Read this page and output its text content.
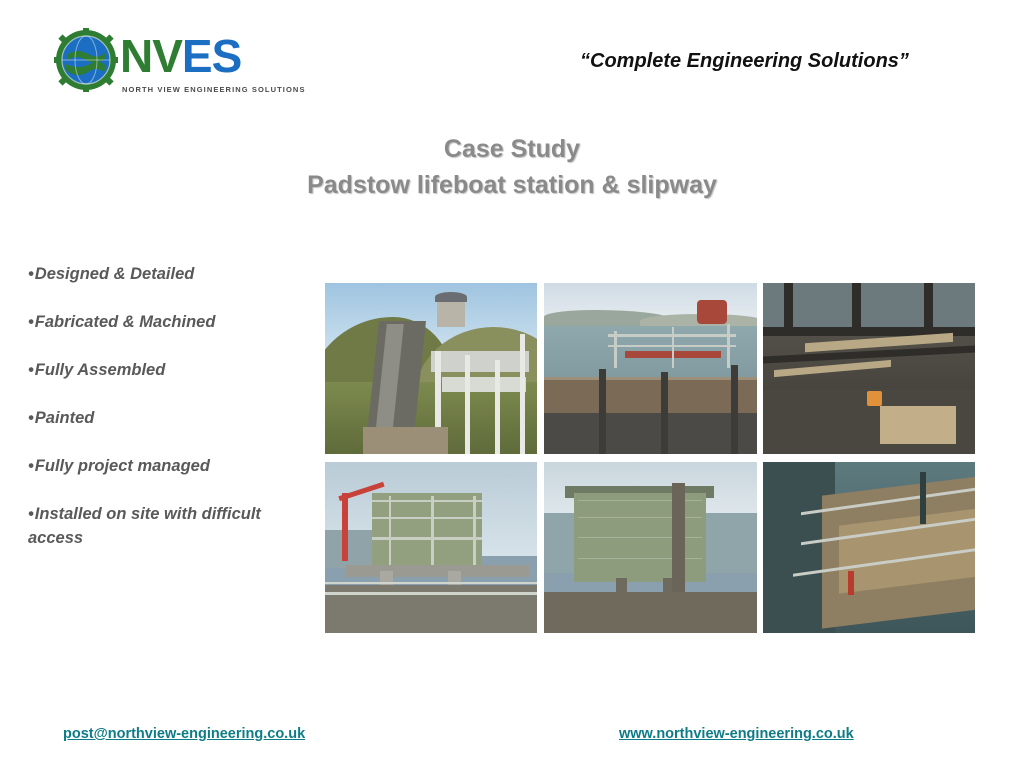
NVES
NORTH VIEW ENGINEERING SOLUTIONS
“Complete Engineering Solutions”
Case Study
Padstow lifeboat station & slipway
• Designed & Detailed
• Fabricated & Machined
• Fully Assembled
• Painted
• Fully project managed
• Installed on site with difficult access
post@northview-engineering.co.uk	www.northview-engineering.co.uk
